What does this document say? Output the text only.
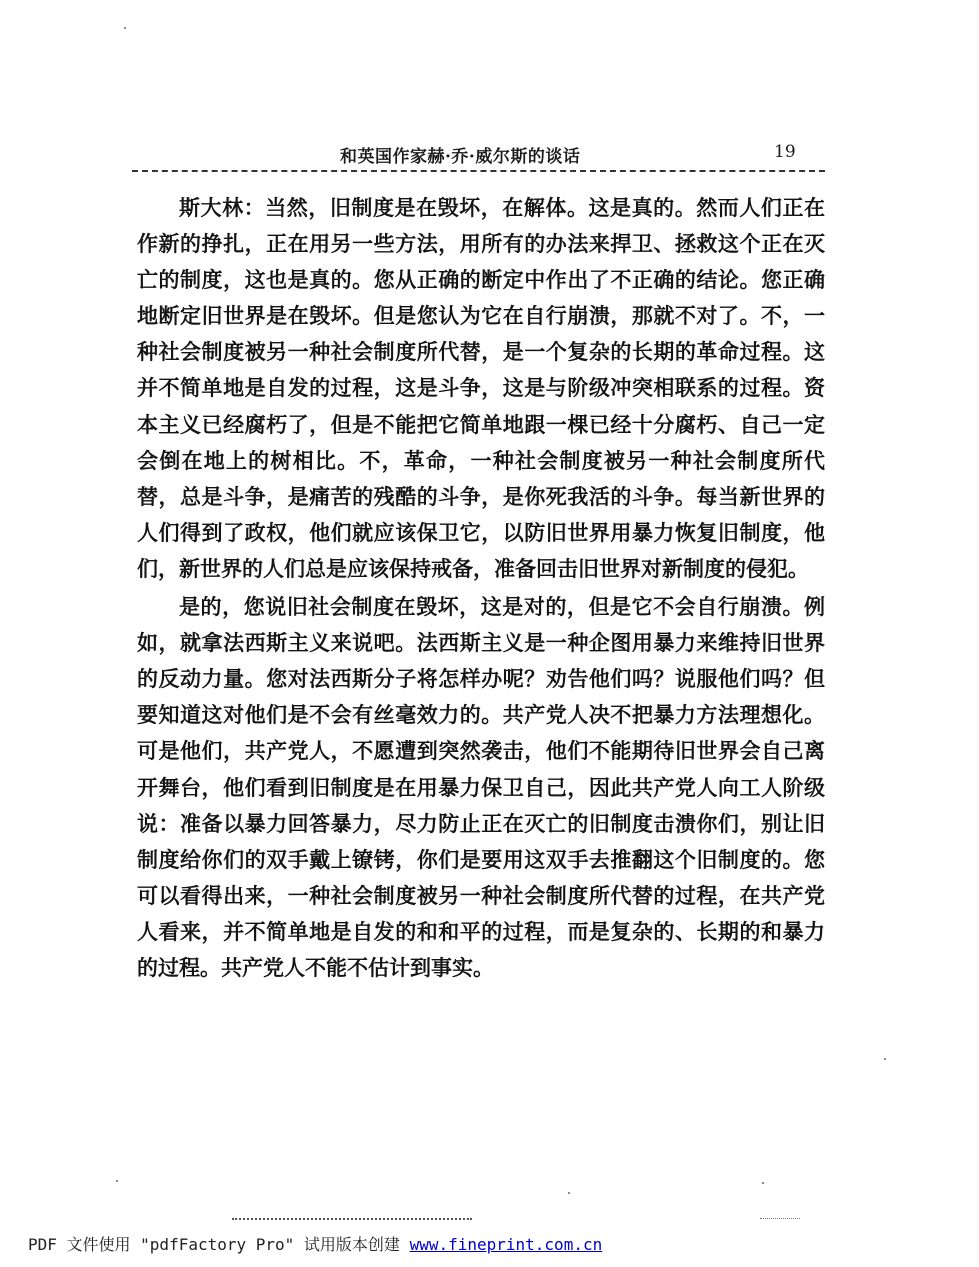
和英国作家赫·乔·威尔斯的谈话	19

斯大林：当然，旧制度是在毁坏，在解体。这是真的。然而人们正在作新的挣扎，正在用另一些方法，用所有的办法来捍卫、拯救这个正在灭亡的制度，这也是真的。您从正确的断定中作出了不正确的结论。您正确地断定旧世界是在毁坏。但是您认为它在自行崩溃，那就不对了。不，一种社会制度被另一种社会制度所代替，是一个复杂的长期的革命过程。这并不简单地是自发的过程，这是斗争，这是与阶级冲突相联系的过程。资本主义已经腐朽了，但是不能把它简单地跟一棵已经十分腐朽、自己一定会倒在地上的树相比。不，革命，一种社会制度被另一种社会制度所代替，总是斗争，是痛苦的残酷的斗争，是你死我活的斗争。每当新世界的人们得到了政权，他们就应该保卫它，以防旧世界用暴力恢复旧制度，他们，新世界的人们总是应该保持戒备，准备回击旧世界对新制度的侵犯。

是的，您说旧社会制度在毁坏，这是对的，但是它不会自行崩溃。例如，就拿法西斯主义来说吧。法西斯主义是一种企图用暴力来维持旧世界的反动力量。您对法西斯分子将怎样办呢？劝告他们吗？说服他们吗？但要知道这对他们是不会有丝毫效力的。共产党人决不把暴力方法理想化。可是他们，共产党人，不愿遭到突然袭击，他们不能期待旧世界会自己离开舞台，他们看到旧制度是在用暴力保卫自己，因此共产党人向工人阶级说：准备以暴力回答暴力，尽力防止正在灭亡的旧制度击溃你们，别让旧制度给你们的双手戴上镣铐，你们是要用这双手去推翻这个旧制度的。您可以看得出来，一种社会制度被另一种社会制度所代替的过程，在共产党人看来，并不简单地是自发的和和平的过程，而是复杂的、长期的和暴力的过程。共产党人不能不估计到事实。

PDF 文件使用 "pdfFactory Pro" 试用版本创建 www.fineprint.com.cn
